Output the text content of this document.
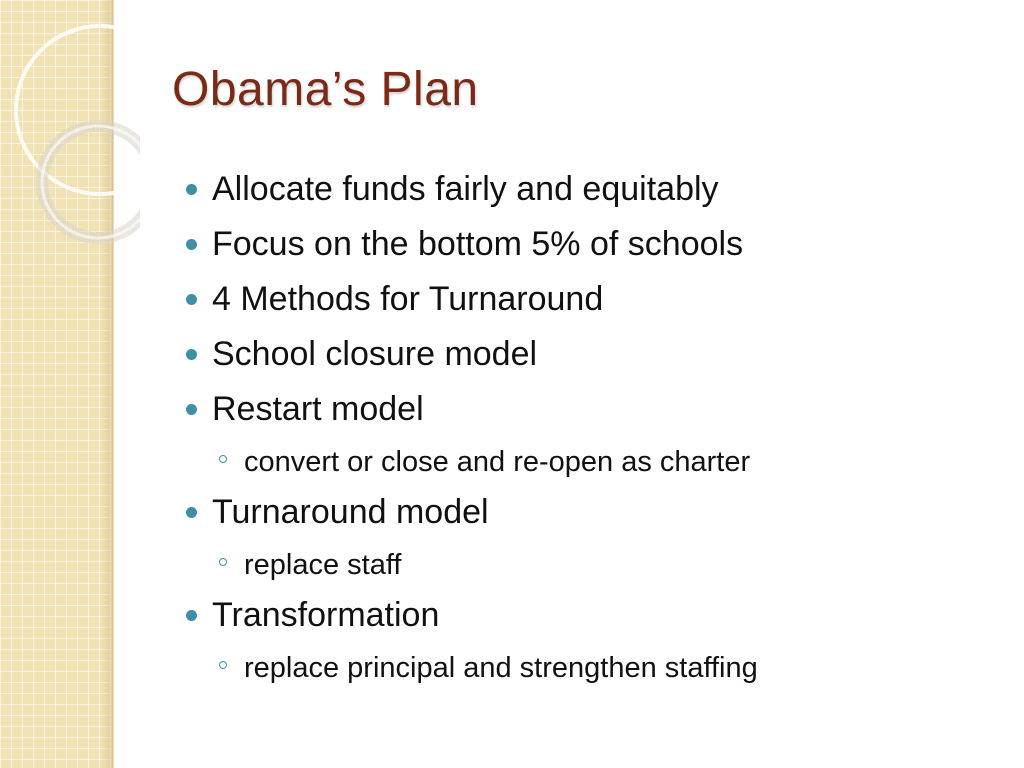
Obama’s Plan
Allocate funds fairly and equitably
Focus on the bottom 5% of schools
4 Methods for Turnaround
School closure model
Restart model
convert or close and re-open as charter
Turnaround model
replace staff
Transformation
replace principal and strengthen staffing
